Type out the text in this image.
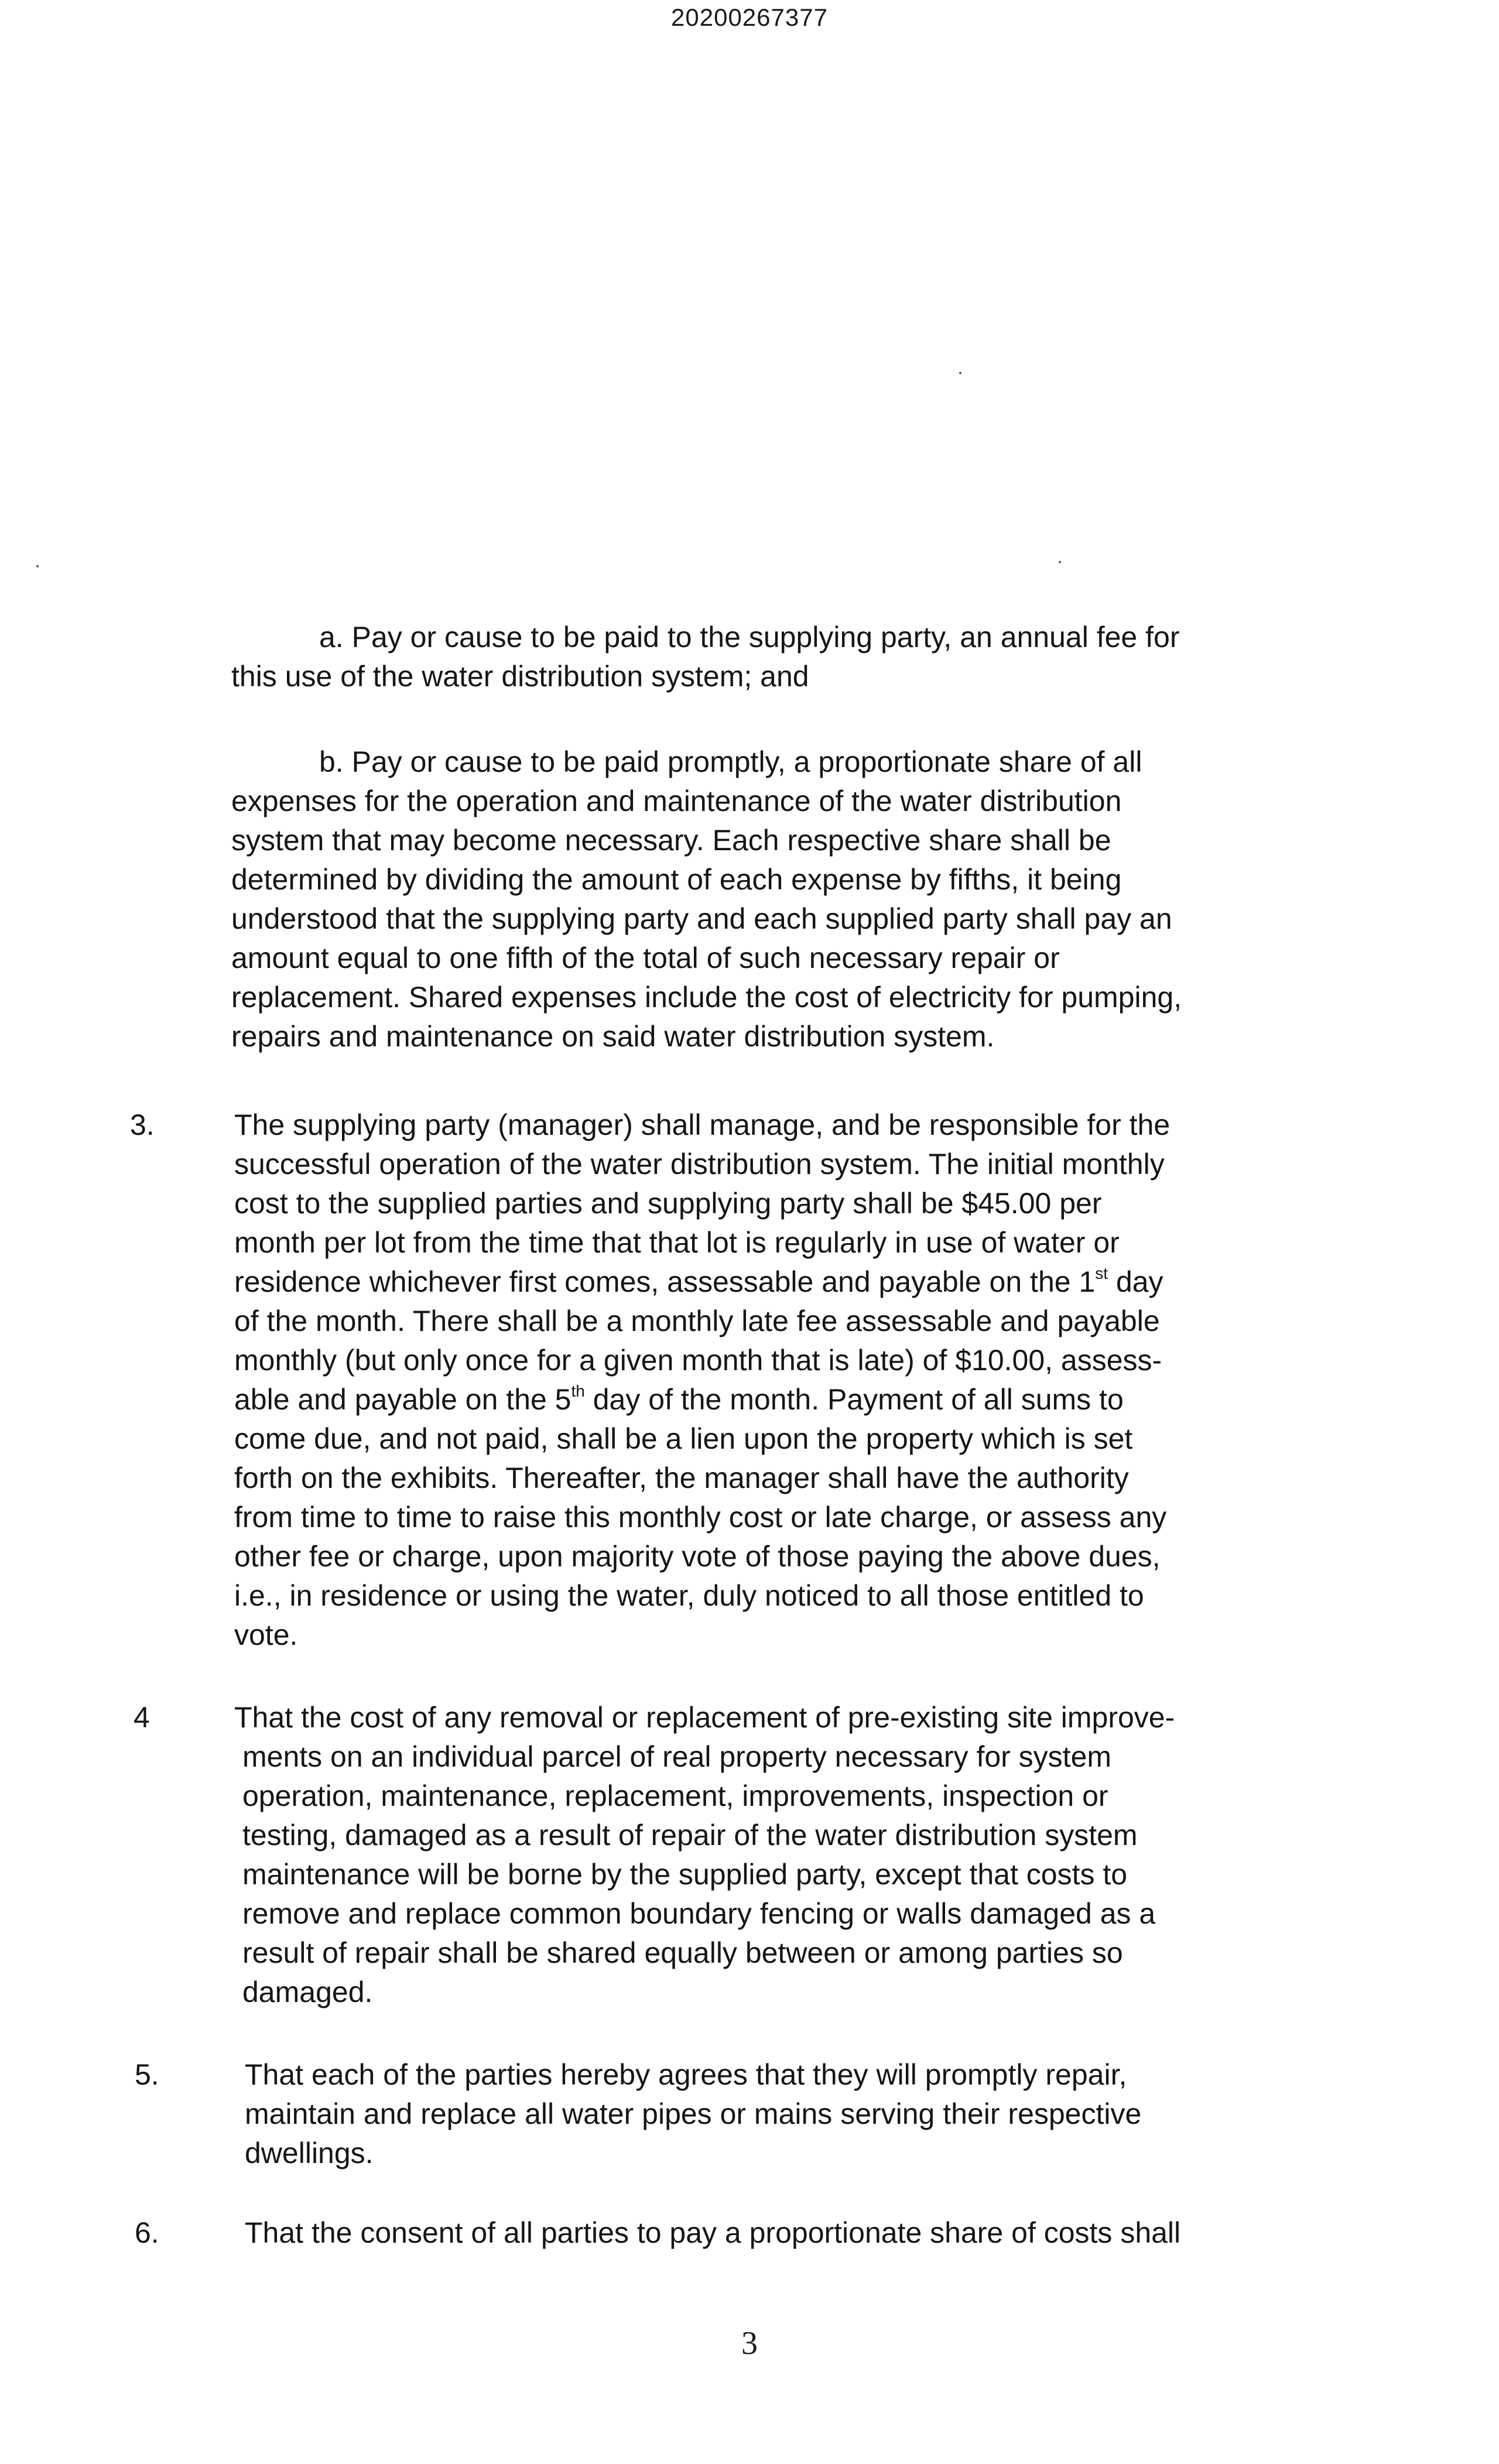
20200267377
a. Pay or cause to be paid to the supplying party, an annual fee for
this use of the water distribution system; and
b. Pay or cause to be paid promptly, a proportionate share of all
expenses for the operation and maintenance of the water distribution
system that may become necessary. Each respective share shall be
determined by dividing the amount of each expense by fifths, it being
understood that the supplying party and each supplied party shall pay an
amount equal to one fifth of the total of such necessary repair or
replacement. Shared expenses include the cost of electricity for pumping,
repairs and maintenance on said water distribution system.
3.	The supplying party (manager) shall manage, and be responsible for the
successful operation of the water distribution system. The initial monthly
cost to the supplied parties and supplying party shall be $45.00 per
month per lot from the time that that lot is regularly in use of water or
residence whichever first comes, assessable and payable on the 1st day
of the month. There shall be a monthly late fee assessable and payable
monthly (but only once for a given month that is late) of $10.00, assess-
able and payable on the 5th day of the month. Payment of all sums to
come due, and not paid, shall be a lien upon the property which is set
forth on the exhibits. Thereafter, the manager shall have the authority
from time to time to raise this monthly cost or late charge, or assess any
other fee or charge, upon majority vote of those paying the above dues,
i.e., in residence or using the water, duly noticed to all those entitled to
vote.
4	That the cost of any removal or replacement of pre-existing site improve-
ments on an individual parcel of real property necessary for system
operation, maintenance, replacement, improvements, inspection or
testing, damaged as a result of repair of the water distribution system
maintenance will be borne by the supplied party, except that costs to
remove and replace common boundary fencing or walls damaged as a
result of repair shall be shared equally between or among parties so
damaged.
5.	That each of the parties hereby agrees that they will promptly repair,
maintain and replace all water pipes or mains serving their respective
dwellings.
6.	That the consent of all parties to pay a proportionate share of costs shall
3
